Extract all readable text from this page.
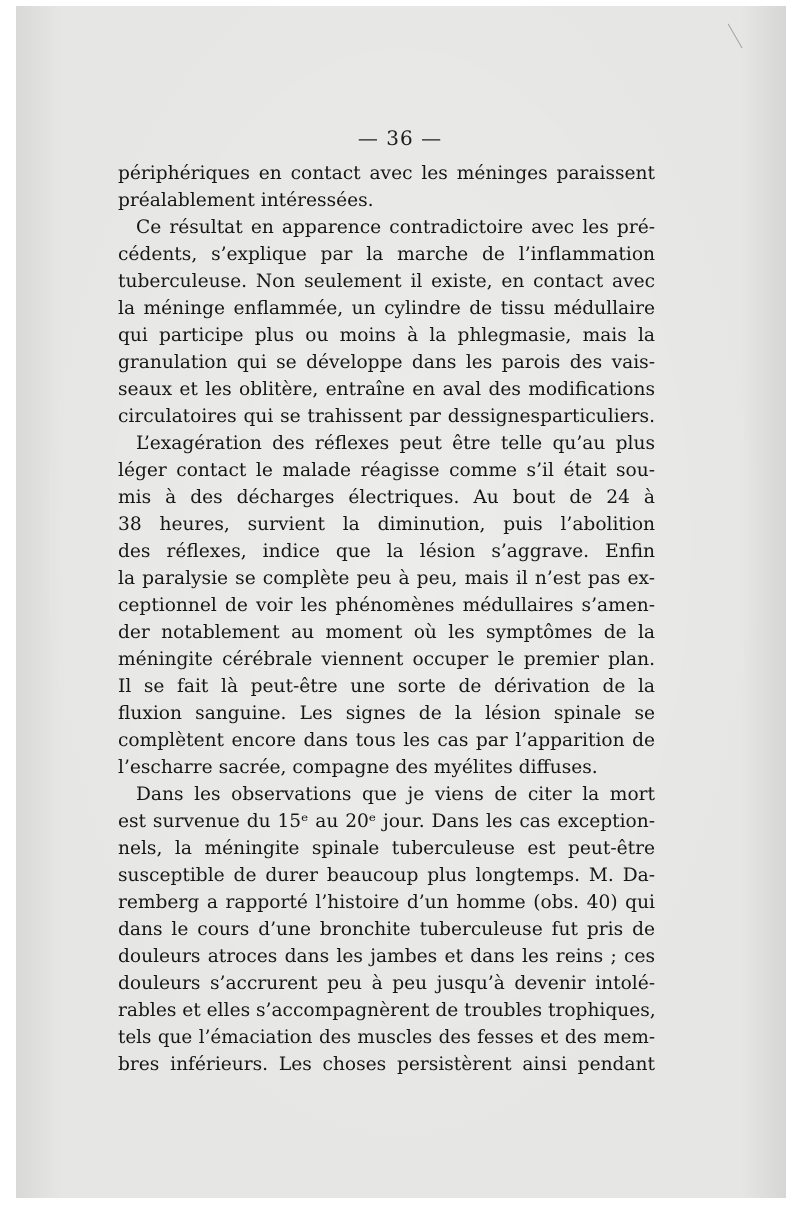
— 36 —
périphériques en contact avec les méninges paraissent
préalablement intéressées.
Ce résultat en apparence contradictoire avec les pré-
cédents, s’explique par la marche de l’inflammation
tuberculeuse. Non seulement il existe, en contact avec
la méninge enflammée, un cylindre de tissu médullaire
qui participe plus ou moins à la phlegmasie, mais la
granulation qui se développe dans les parois des vais-
seaux et les oblitère, entraîne en aval des modifications
circulatoires qui se trahissent par dessignesparticuliers.
L’exagération des réflexes peut être telle qu’au plus
léger contact le malade réagisse comme s’il était sou-
mis à des décharges électriques. Au bout de 24 à
38 heures, survient la diminution, puis l’abolition
des réflexes, indice que la lésion s’aggrave. Enfin
la paralysie se complète peu à peu, mais il n’est pas ex-
ceptionnel de voir les phénomènes médullaires s’amen-
der notablement au moment où les symptômes de la
méningite cérébrale viennent occuper le premier plan.
Il se fait là peut-être une sorte de dérivation de la
fluxion sanguine. Les signes de la lésion spinale se
complètent encore dans tous les cas par l’apparition de
l’escharre sacrée, compagne des myélites diffuses.
Dans les observations que je viens de citer la mort
est survenue du 15ᵉ au 20ᵉ jour. Dans les cas exception-
nels, la méningite spinale tuberculeuse est peut-être
susceptible de durer beaucoup plus longtemps. M. Da-
remberg a rapporté l’histoire d’un homme (obs. 40) qui
dans le cours d’une bronchite tuberculeuse fut pris de
douleurs atroces dans les jambes et dans les reins ; ces
douleurs s’accrurent peu à peu jusqu’à devenir intolé-
rables et elles s’accompagnèrent de troubles trophiques,
tels que l’émaciation des muscles des fesses et des mem-
bres inférieurs. Les choses persistèrent ainsi pendant
